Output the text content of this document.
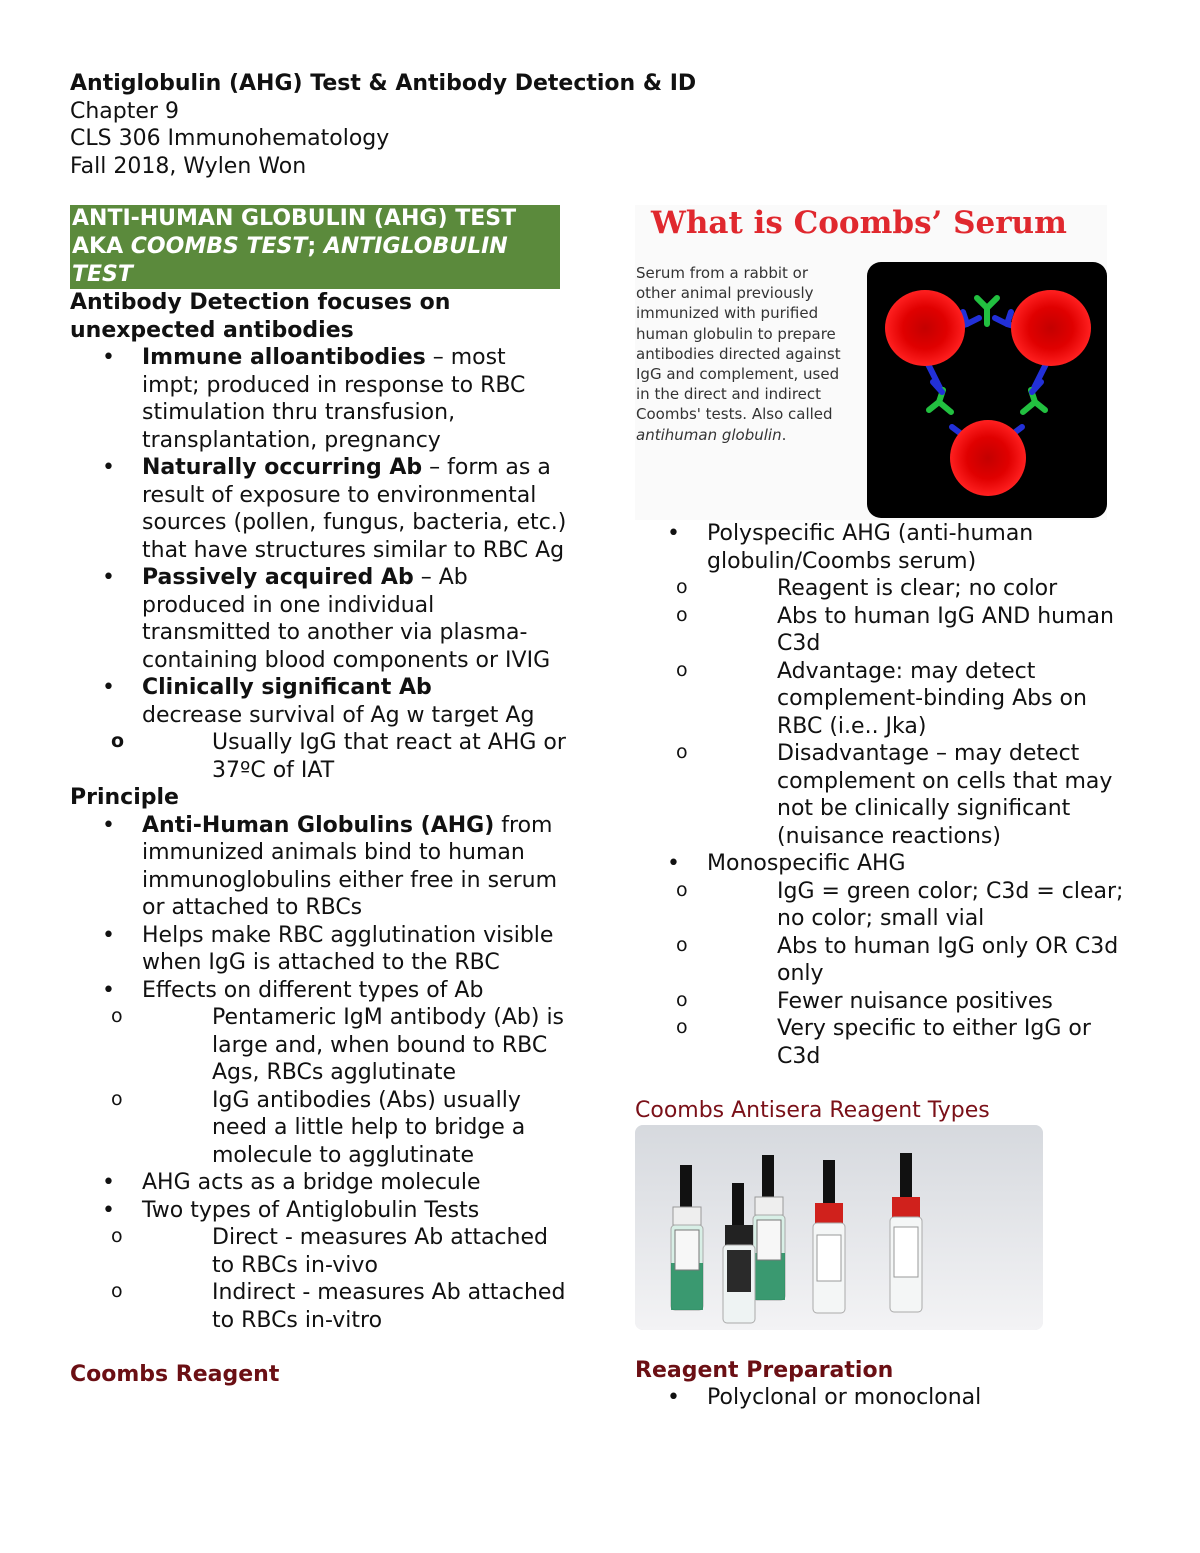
Antiglobulin (AHG) Test & Antibody Detection & ID
Chapter 9
CLS 306 Immunohematology
Fall 2018, Wylen Won
ANTI-HUMAN GLOBULIN (AHG) TEST
AKA COOMBS TEST; ANTIGLOBULIN
TEST
Antibody Detection focuses on unexpected antibodies
• Immune alloantibodies – most impt; produced in response to RBC stimulation thru transfusion, transplantation, pregnancy
• Naturally occurring Ab – form as a result of exposure to environmental sources (pollen, fungus, bacteria, etc.) that have structures similar to RBC Ag
• Passively acquired Ab – Ab produced in one individual transmitted to another via plasma-containing blood components or IVIG
• Clinically significant Ab
decrease survival of Ag w target Ag
o Usually IgG that react at AHG or 37ºC of IAT
Principle
• Anti-Human Globulins (AHG) from immunized animals bind to human immunoglobulins either free in serum or attached to RBCs
• Helps make RBC agglutination visible when IgG is attached to the RBC
• Effects on different types of Ab
o Pentameric IgM antibody (Ab) is large and, when bound to RBC Ags, RBCs agglutinate
o IgG antibodies (Abs) usually need a little help to bridge a molecule to agglutinate
• AHG acts as a bridge molecule
• Two types of Antiglobulin Tests
o Direct - measures Ab attached to RBCs in-vivo
o Indirect - measures Ab attached to RBCs in-vitro
Coombs Reagent
What is Coombs’ Serum
Serum from a rabbit or other animal previously immunized with purified human globulin to prepare antibodies directed against IgG and complement, used in the direct and indirect Coombs' tests. Also called antihuman globulin.
• Polyspecific AHG (anti-human globulin/Coombs serum)
o Reagent is clear; no color
o Abs to human IgG AND human C3d
o Advantage: may detect complement-binding Abs on RBC (i.e.. Jka)
o Disadvantage – may detect complement on cells that may not be clinically significant (nuisance reactions)
• Monospecific AHG
o IgG = green color; C3d = clear; no color; small vial
o Abs to human IgG only OR C3d only
o Fewer nuisance positives
o Very specific to either IgG or C3d
Coombs Antisera Reagent Types
Reagent Preparation
• Polyclonal or monoclonal
